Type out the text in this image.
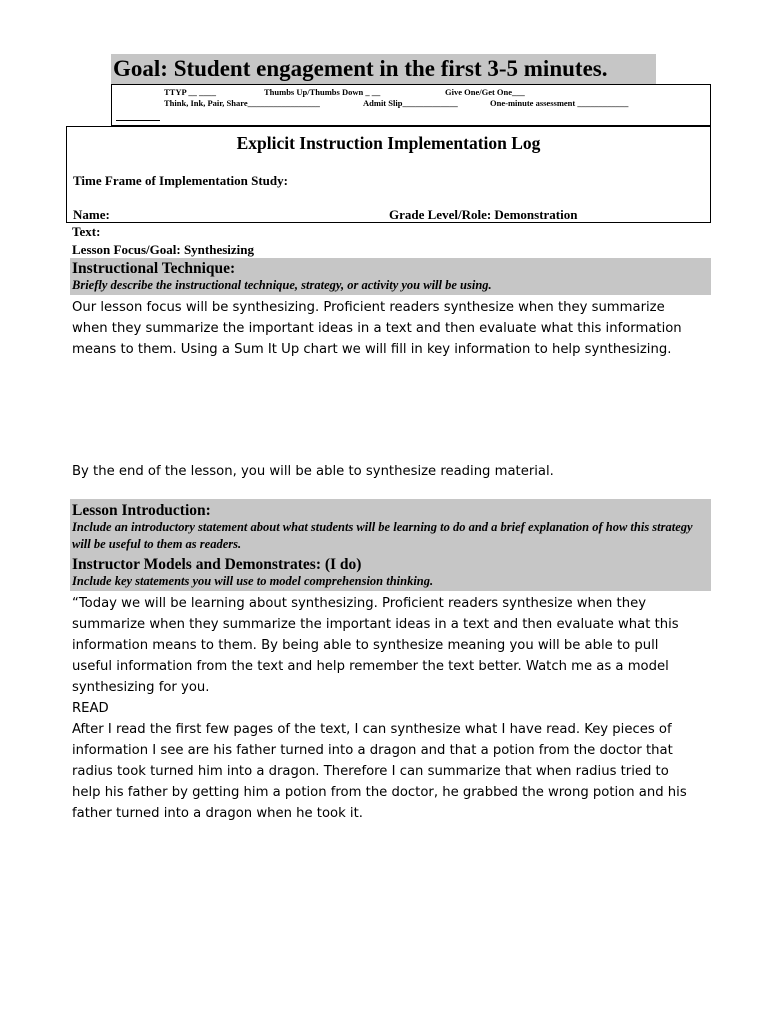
Goal: Student engagement in the first 3-5 minutes.
TTYP __ ____	Thumbs Up/Thumbs Down _ __	Give One/Get One___
Think, Ink, Pair, Share_________________	Admit Slip_____________	One-minute assessment ____________
Explicit Instruction Implementation Log
Time Frame of Implementation Study:
Name:	Grade Level/Role: Demonstration
Text:
Lesson Focus/Goal: Synthesizing
Instructional Technique:
Briefly describe the instructional technique, strategy, or activity you will be using.

Our lesson focus will be synthesizing. Proficient readers synthesize when they summarize when they summarize the important ideas in a text and then evaluate what this information means to them. Using a Sum It Up chart we will fill in key information to help synthesizing.

By the end of the lesson, you will be able to synthesize reading material.

Lesson Introduction:
Include an introductory statement about what students will be learning to do and a brief explanation of how this strategy will be useful to them as readers.
Instructor Models and Demonstrates: (I do)
Include key statements you will use to model comprehension thinking.

“Today we will be learning about synthesizing. Proficient readers synthesize when they summarize when they summarize the important ideas in a text and then evaluate what this information means to them. By being able to synthesize meaning you will be able to pull useful information from the text and help remember the text better. Watch me as a model synthesizing for you.

READ

After I read the first few pages of the text, I can synthesize what I have read. Key pieces of information I see are his father turned into a dragon and that a potion from the doctor that radius took turned him into a dragon. Therefore I can summarize that when radius tried to help his father by getting him a potion from the doctor, he grabbed the wrong potion and his father turned into a dragon when he took it.
